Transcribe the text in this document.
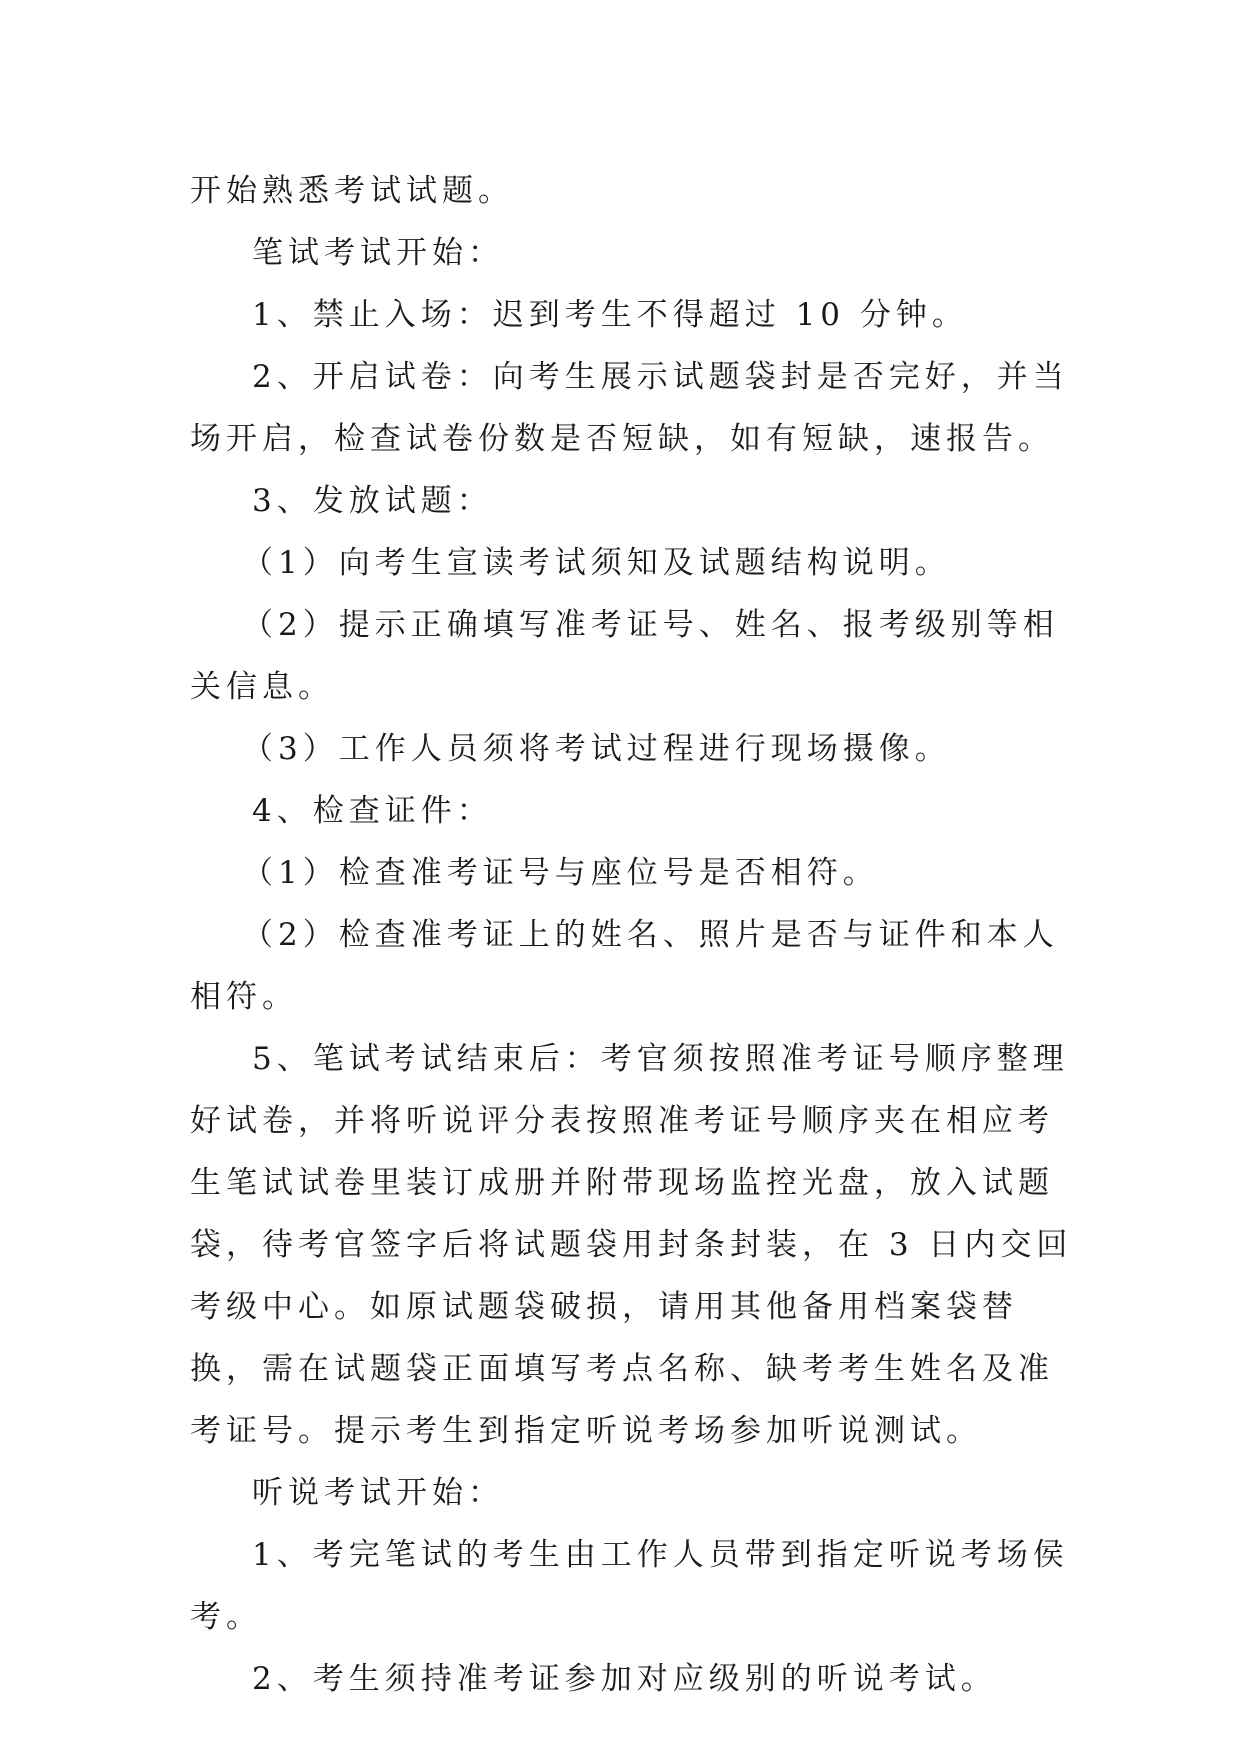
开始熟悉考试试题。

笔试考试开始：

1、禁止入场：迟到考生不得超过 10 分钟。

2、开启试卷：向考生展示试题袋封是否完好，并当场开启，检查试卷份数是否短缺，如有短缺，速报告。

3、发放试题：

（1）向考生宣读考试须知及试题结构说明。

（2）提示正确填写准考证号、姓名、报考级别等相关信息。

（3）工作人员须将考试过程进行现场摄像。

4、检查证件：

（1）检查准考证号与座位号是否相符。

（2）检查准考证上的姓名、照片是否与证件和本人相符。

5、笔试考试结束后：考官须按照准考证号顺序整理好试卷，并将听说评分表按照准考证号顺序夹在相应考生笔试试卷里装订成册并附带现场监控光盘，放入试题袋，待考官签字后将试题袋用封条封装，在 3 日内交回考级中心。如原试题袋破损，请用其他备用档案袋替换，需在试题袋正面填写考点名称、缺考考生姓名及准考证号。提示考生到指定听说考场参加听说测试。

听说考试开始：

1、考完笔试的考生由工作人员带到指定听说考场侯考。

2、考生须持准考证参加对应级别的听说考试。
